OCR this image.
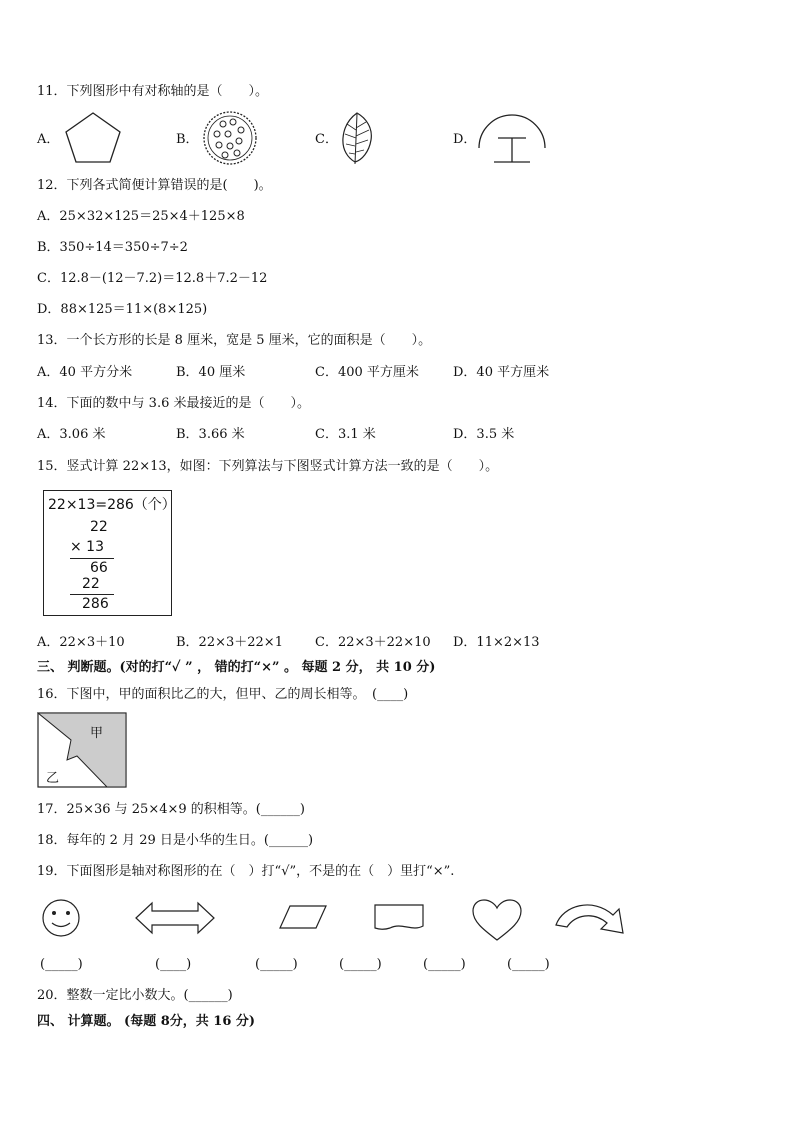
11．下列图形中有对称轴的是（　　）。
A．	B．	C．	D．
12．下列各式简便计算错误的是(　　)。
A．25×32×125＝25×4＋125×8
B．350÷14＝350÷7÷2
C．12.8－(12－7.2)＝12.8＋7.2－12
D．88×125＝11×(8×125)
13．一个长方形的长是 8 厘米，宽是 5 厘米，它的面积是（　　）。
A．40 平方分米	B．40 厘米	C．400 平方厘米	D．40 平方厘米
14．下面的数中与 3.6 米最接近的是（　　）。
A．3.06 米	B．3.66 米	C．3.1 米	D．3.5 米
15．竖式计算 22×13，如图：下列算法与下图竖式计算方法一致的是（　　）。
22×13=286（个）
22
× 13
66
22
286
A．22×3＋10	B．22×3＋22×1 C．22×3＋22×10 D．11×2×13
三、 判断题。(对的打“✓ ” ， 错的打“×” 。 每题 2 分， 共 10 分)
16．下图中，甲的面积比乙的大，但甲、乙的周长相等。　(____)
甲
乙
17．25×36 与 25×4×9 的积相等。(______)
18．每年的 2 月 29 日是小华的生日。(______)
19．下面图形是轴对称图形的在（　）打“√”，不是的在（　）里打“×”.
(_____)	(____)	(_____)	(_____)	(_____)	(_____)
20．整数一定比小数大。(______)
四、 计算题。 (每题 8分，共 16 分)
